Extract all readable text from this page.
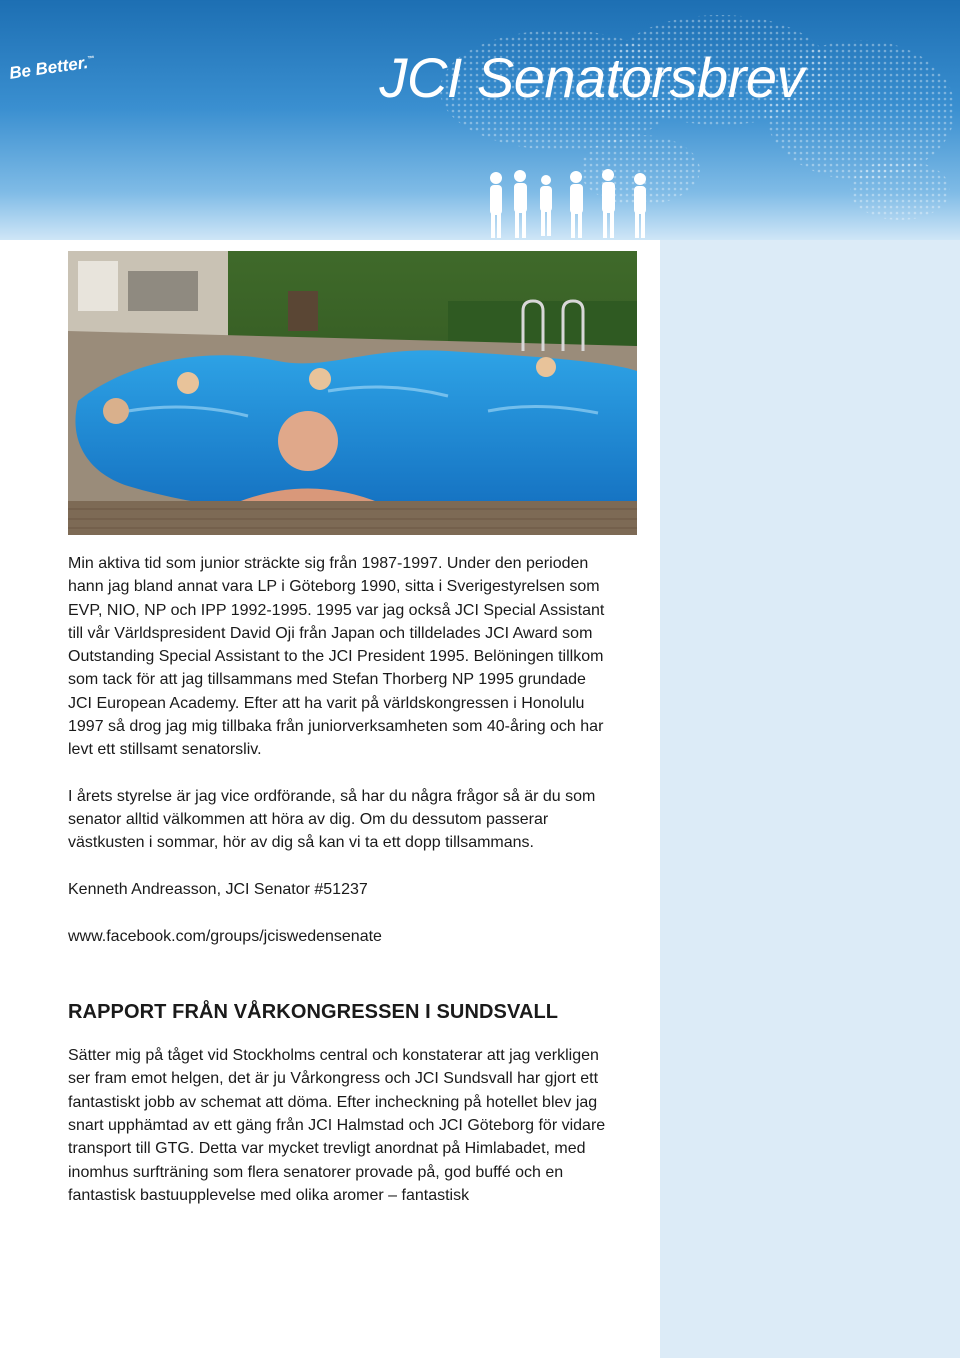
Be Better.™	JCI Senatorsbrev

Min aktiva tid som junior sträckte sig från 1987-1997. Under den perioden hann jag bland annat vara LP i Göteborg 1990, sitta i Sverigestyrelsen som EVP, NIO, NP och IPP 1992-1995. 1995 var jag också JCI Special Assistant till vår Världspresident David Oji från Japan och tilldelades JCI Award som Outstanding Special Assistant to the JCI President 1995. Belöningen tillkom som tack för att jag tillsammans med Stefan Thorberg NP 1995 grundade JCI European Academy. Efter att ha varit på världskongressen i Honolulu 1997 så drog jag mig tillbaka från juniorverksamheten som 40-åring och har levt ett stillsamt senatorsliv.

I årets styrelse är jag vice ordförande, så har du några frågor så är du som senator alltid välkommen att höra av dig. Om du dessutom passerar västkusten i sommar, hör av dig så kan vi ta ett dopp tillsammans.

Kenneth Andreasson, JCI Senator #51237

www.facebook.com/groups/jciswedensenate

RAPPORT FRÅN VÅRKONGRESSEN I SUNDSVALL

Sätter mig på tåget vid Stockholms central och konstaterar att jag verkligen ser fram emot helgen, det är ju Vårkongress och JCI Sundsvall har gjort ett fantastiskt jobb av schemat att döma. Efter incheckning på hotellet blev jag snart upphämtad av ett gäng från JCI Halmstad och JCI Göteborg för vidare transport till GTG. Detta var mycket trevligt anordnat på Himlabadet, med inomhus surfträning som flera senatorer provade på, god buffé och en fantastisk bastuupplevelse med olika aromer – fantastisk
